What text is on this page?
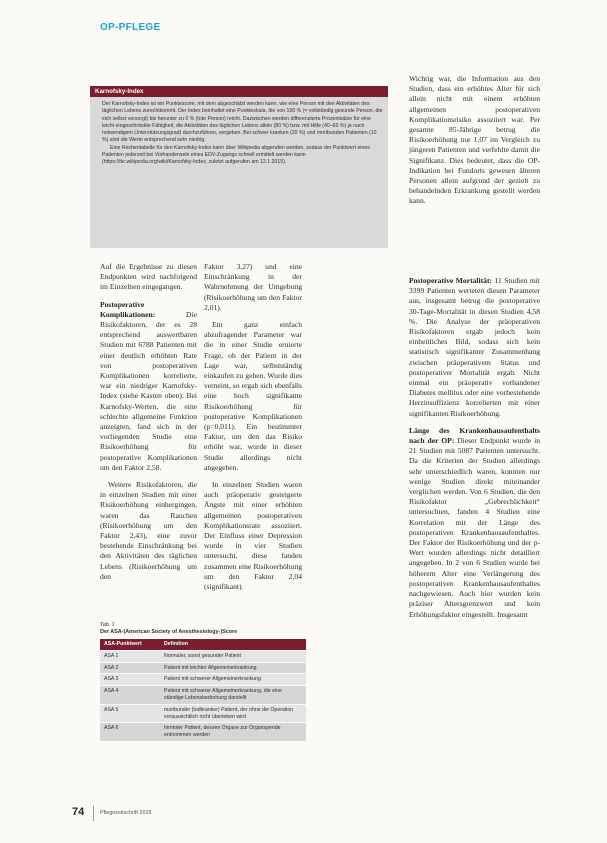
OP-PFLEGE

Wichtig war, die Information aus den Studien, dass ein erhöhtes Alter für sich allein nicht mit einem erhöhten allgemeinen postoperativen Komplikationsrisiko assoziiert war. Per gesamte 85-Jährige betrug die Risikoerhöhung nur 1,07 im Vergleich zu jüngeren Patienten und verfehlte damit die Signifikanz. Dies bedeutet, dass die OP-Indikation bei Fundorts gewesen älteren Personen allein aufgrund der gezielt zu behandelnden Erkrankung gestellt werden kann.

Karnofsky-Index

Der Karnofsky-Index ist ein Punktescore, mit dem abgeschätzt werden kann, wie eine Person mit den Aktivitäten des täglichen Lebens zurechtkommt. Der Index beinhaltet eine Punkteskala, die von 100 % (= vollständig gesunde Person, die sich selbst versorgt) bis herunter zu 0 % (tote Person) reicht. Dazwischen werden differenzierte Prozentsätze für eine leicht eingeschränkte Fähigkeit, die Aktivitäten des täglichen Lebens allein (80 %) bzw. mit Hilfe (40–60 %) je nach notwendigem Unterstützungsgrad) durchzuführen, vergeben. Bei schwer kranken (20 %) und moribunden Patienten (10 %) sind die Werte entsprechend sehr niedrig.

Eine Rechentabelle für den Karnofsky-Index kann über Wikipedia abgerufen werden, sodass der Punktwert eines Patienten jederzeit bei Vorhandensein eines EDV-Zugangs schnell ermittelt werden kann (https://de.wikipedia.org/wiki/Karnofsky-Index, zuletzt aufgerufen am 12.1.2015).

Auf die Ergebnisse zu diesen Endpunkten wird nachfolgend im Einzelnen eingegangen.

Postoperative Komplikationen: Die Risikofaktoren, der es 28 entsprechend auswertbaren Studien mit 6788 Patienten mit einer deutlich erhöhten Rate von postoperativen Komplikationen korrelierte, war ein niedriger Karnofsky-Index (siehe Kasten oben). Bei Karnofsky-Werten, die eine schlechte allgemeine Funktion anzeigten, fand sich in der vorliegenden Studie eine Risikoerhöhung für postoperative Komplikationen um den Faktor 2,58.

Weitere Risikofaktoren, die in einzelnen Studien mit einer Risikoerhöhung einhergingen, waren das Rauchen (Risikoerhöhung um den Faktor 2,43), eine zuvor bestehende Einschränkung bei den Aktivitäten des täglichen Lebens (Risikoerhöhung um den

Faktor 3,27) und eine Einschränkung in der Wahrnehmung der Umgebung (Risikoerhöhung um den Faktor 2,01).

Ein ganz einfach abzufragender Parameter war die in einer Studie eruierte Frage, ob der Patient in der Lage war, selbstständig einkaufen zu gehen. Wurde dies verneint, so ergab sich ebenfalls eine hoch signifikante Risikoerhöhung für postoperative Komplikationen (p=0,011). Ein bestimmter Faktor, um den das Risiko erhöht war, wurde in dieser Studie allerdings nicht angegeben.

In einzelnen Studien waren auch präoperativ gesteigerte Ängste mit einer erhöhten allgemeinen postoperativen Komplikationsrate assoziiert. Der Einfluss einer Depression wurde in vier Studien untersucht, diese fanden zusammen eine Risikoerhöhung um den Faktor 2,04 (signifikant).

Postoperative Mortalität: 11 Studien mit 3399 Patienten werteten diesen Parameter aus, insgesamt betrug die postoperative 30-Tage-Mortalität in diesen Studien 4,58 %. Die Analyse der präoperativen Risikofaktoren ergab jedoch kein einheitliches Bild, sodass sich kein statistisch signifikanter Zusammenhang zwischen präoperativem Status und postoperativer Mortalität ergab. Nicht einmal ein präoperativ vorhandener Diabetes mellitus oder eine vorbestehende Herzinsuffizienz korrelierten mit einer signifikanten Risikoerhöhung.

Länge des Krankenhausaufenthalts nach der OP: Dieser Endpunkt wurde in 21 Studien mit 5087 Patienten untersucht. Da die Kriterien der Studien allerdings sehr unterschiedlich waren, konnten nur wenige Studien direkt miteinander verglichen werden. Von 6 Studien, die den Risikofaktor „Gebrechlichkeit“ untersuchten, fanden 4 Studien eine Korrelation mit der Länge des postoperativen Krankenhausaufenthaltes. Der Faktor der Risikoerhöhung und der p-Wert wurden allerdings nicht detailliert angegeben. In 2 von 6 Studien wurde bei höherem Alter eine Verlängerung des postoperativen Krankenhausaufenthaltes nachgewiesen. Auch hier wurden kein präziser Altersgrenzwert und kein Erhöhungsfaktor eingestellt. Insgesamt

Tab. 1
Der ASA-(American Society of Anesthesiology-)Score
ASA-Punktwert	Definition
ASA 1	Normaler, sonst gesunder Patient
ASA 2	Patient mit leichter Allgemeinerkrankung
ASA 3	Patient mit schwerer Allgemeinerkrankung
ASA 4	Patient mit schwerer Allgemeinerkrankung, die eine ständige Lebensbedrohung darstellt
ASA 5	moribunder (todkranker) Patient, der ohne die Operation voraussichtlich nicht überleben wird
ASA 6	hirntoter Patient, dessen Organe zur Organspende entnommen werden
74	Pflegezeitschrift 2015
